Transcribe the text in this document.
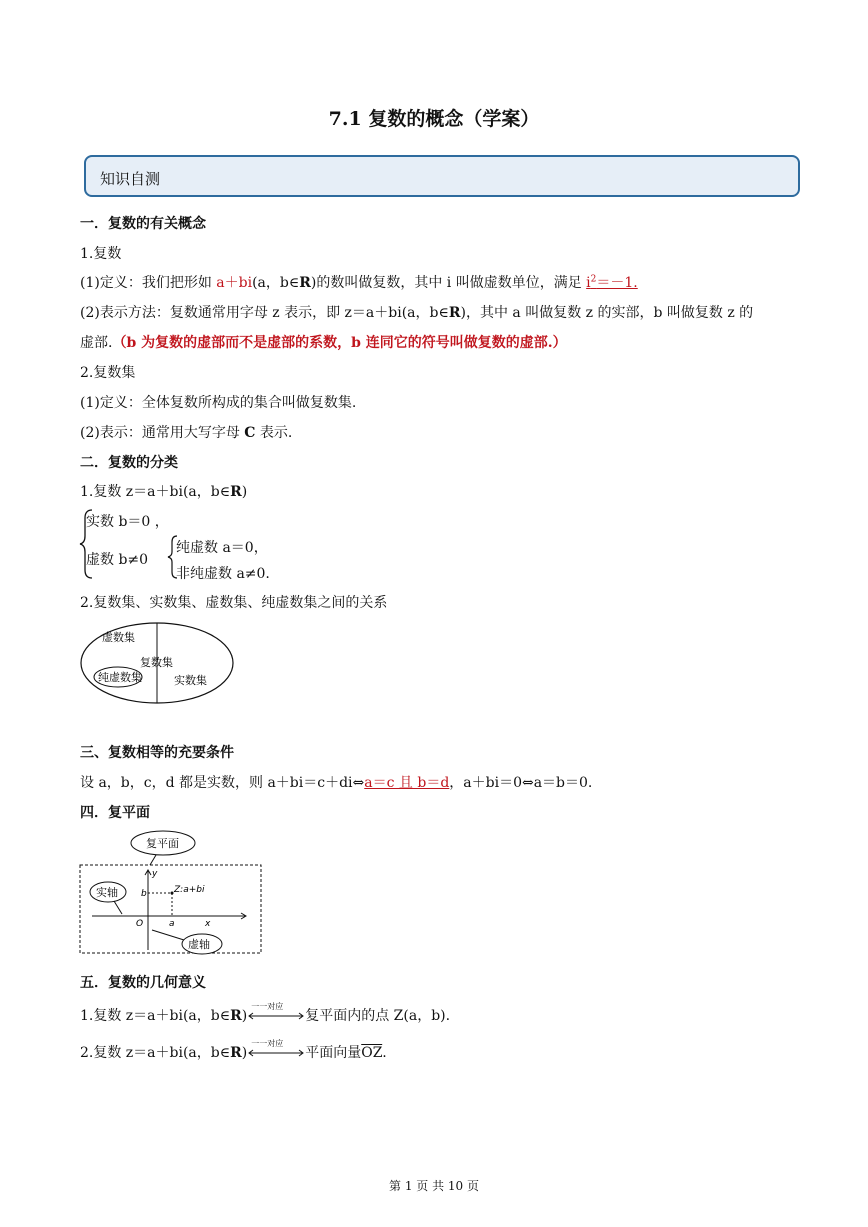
7.1 复数的概念（学案）
知识自测
一．复数的有关概念
1.复数
(1)定义：我们把形如 a＋bi(a，b∈R)的数叫做复数，其中 i 叫做虚数单位，满足 $i^2=-1$.
(2)表示方法：复数通常用字母 z 表示，即 z＝a＋bi(a，b∈R)，其中 a 叫做复数 z 的实部，b 叫做复数 z 的
虚部.（b 为复数的虚部而不是虚部的系数，b 连同它的符号叫做复数的虚部.）
2.复数集
(1)定义：全体复数所构成的集合叫做复数集.
(2)表示：通常用大写字母 C 表示.
二．复数的分类
1.复数 z＝a＋bi(a，b∈R)
实数 b＝0 ，
虚数 b≠0
纯虚数 a＝0，
非纯虚数 a≠0.
2.复数集、实数集、虚数集、纯虚数集之间的关系
虚数集
复数集
纯虚数集	实数集
三、复数相等的充要条件
设 a，b，c，d 都是实数，则 a＋bi＝c＋di⇔a＝c 且 b＝d，a＋bi＝0⇔a＝b＝0.
四．复平面
复平面
Z:a+bi
y
x
b
a
O
实轴
虚轴
五．复数的几何意义
1.复数 z＝a＋bi(a，b∈R)
一一对应
复平面内的点 Z(a，b).
2.复数 z＝a＋bi(a，b∈R)
一一对应
平面向量$\overline{OZ}$.
第 1 页 共 10 页
